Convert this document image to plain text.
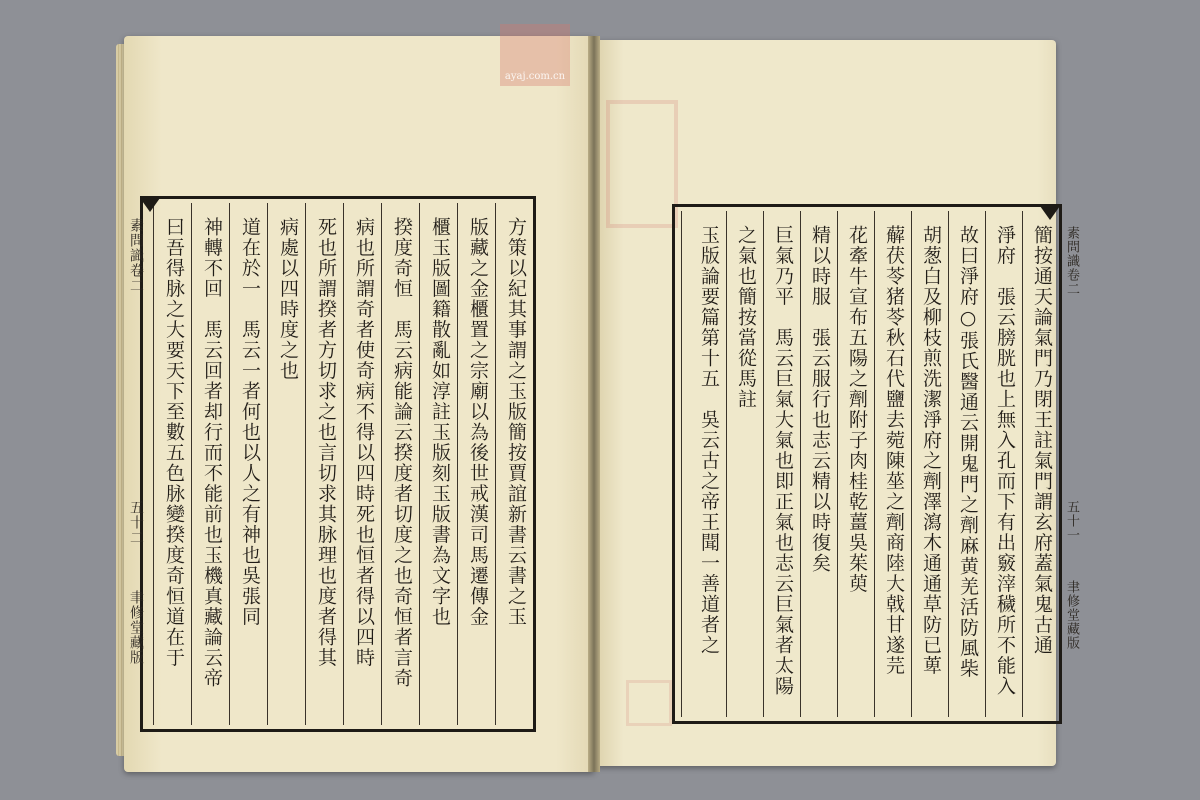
ayaj.com.cn
方策以紀其事謂之玉版簡按賈誼新書云書之玉
版藏之金櫃置之宗廟以為後世戒漢司馬遷傳金
櫃玉版圖籍散亂如淳註玉版刻玉版書為文字也
揆度奇恒　馬云病能論云揆度者切度之也奇恒者言奇
病也所謂奇者使奇病不得以四時死也恒者得以四時
死也所謂揆者方切求之也言切求其脉理也度者得其
病處以四時度之也
道在於一　馬云一者何也以人之有神也吳張同
神轉不回　馬云回者却行而不能前也玉機真藏論云帝
曰吾得脉之大要天下至數五色脉變揆度奇恒道在于
素問識卷二
五十二
聿修堂藏版	簡按通天論氣門乃閉王註氣門謂玄府蓋氣鬼古通
淨府　張云膀胱也上無入孔而下有出竅滓穢所不能入
故曰淨府○張氏醫通云開鬼門之劑麻黄羌活防風柴
胡葱白及柳枝煎洗潔淨府之劑澤瀉木通通草防已萆
薢茯苓猪苓秋石代鹽去菀陳莝之劑商陸大戟甘遂芫
花牽牛宣布五陽之劑附子肉桂乾薑吳茱萸
精以時服　張云服行也志云精以時復矣
巨氣乃平　馬云巨氣大氣也即正氣也志云巨氣者太陽
之氣也簡按當從馬註
玉版論要篇第十五　吳云古之帝王聞一善道者之	素問識卷二
五十一
聿修堂藏版
